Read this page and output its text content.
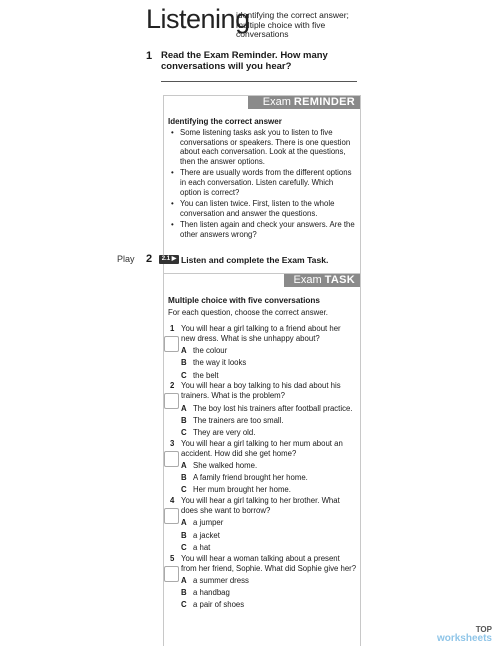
Listening
identifying the correct answer; multiple choice with five conversations
1 Read the Exam Reminder. How many conversations will you hear?
Exam REMINDER
Identifying the correct answer
• Some listening tasks ask you to listen to five conversations or speakers. There is one question about each conversation. Look at the questions, then the answer options.
• There are usually words from the different options in each conversation. Listen carefully. Which option is correct?
• You can listen twice. First, listen to the whole conversation and answer the questions.
• Then listen again and check your answers. Are the other answers wrong?
Play 2	2.1 ▶ Listen and complete the Exam Task.
Exam TASK
Multiple choice with five conversations
For each question, choose the correct answer.
1 You will hear a girl talking to a friend about her new dress. What is she unhappy about?
A the colour
B the way it looks
C the belt
2 You will hear a boy talking to his dad about his trainers. What is the problem?
A The boy lost his trainers after football practice.
B The trainers are too small.
C They are very old.
3 You will hear a girl talking to her mum about an accident. How did she get home?
A She walked home.
B A family friend brought her home.
C Her mum brought her home.
4 You will hear a girl talking to her brother. What does she want to borrow?
A a jumper
B a jacket
C a hat
5 You will hear a woman talking about a present from her friend, Sophie. What did Sophie give her?
A a summer dress
B a handbag
C a pair of shoes
TOP
worksheets
